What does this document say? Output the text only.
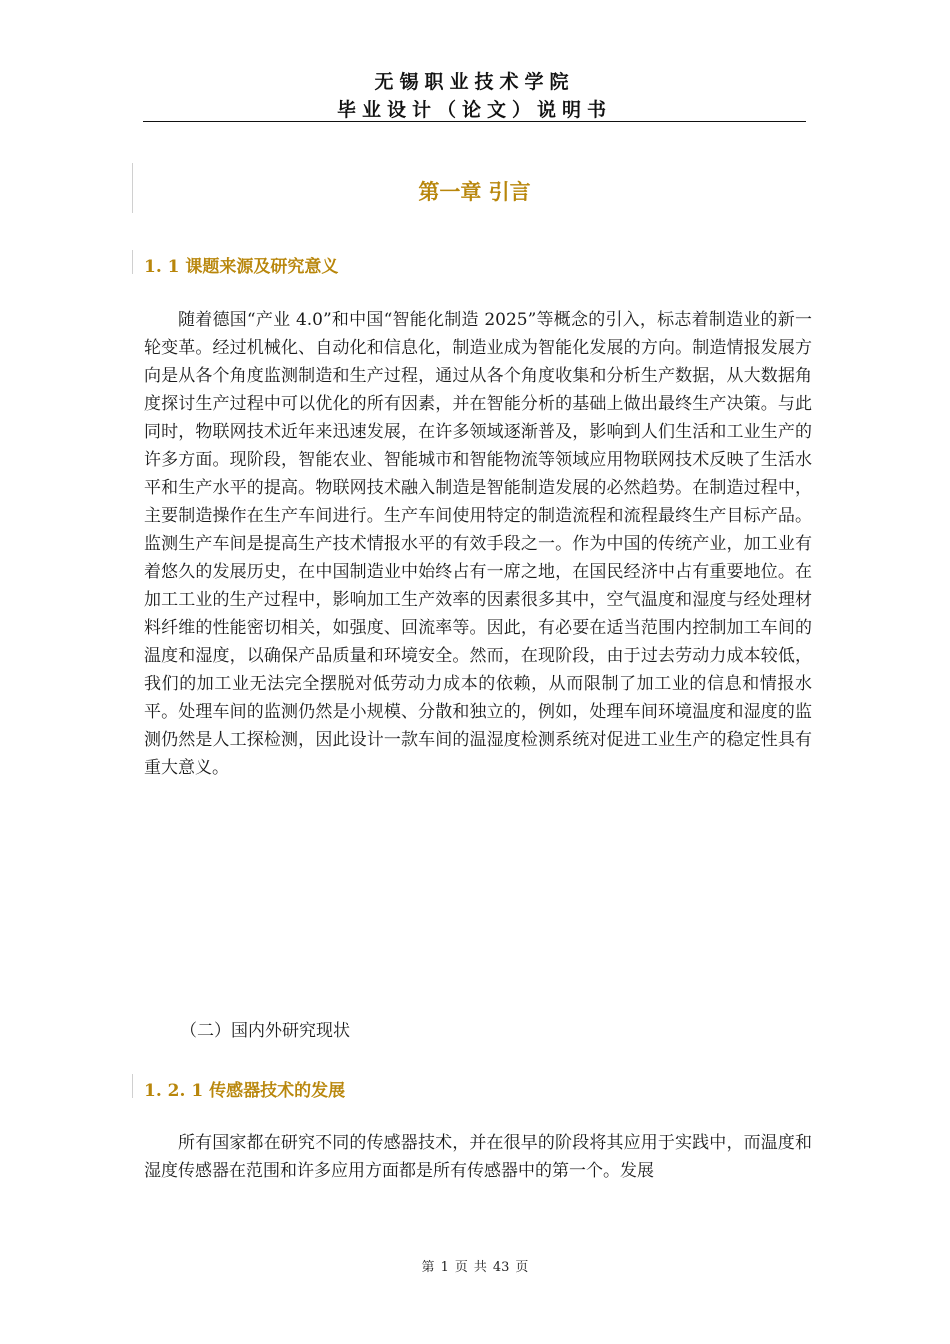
无锡职业技术学院
毕业设计（论文）说明书
第一章 引言
1. 1 课题来源及研究意义

随着德国“产业 4.0”和中国“智能化制造 2025”等概念的引入，标志着制造业的新一轮变革。经过机械化、自动化和信息化，制造业成为智能化发展的方向。制造情报发展方向是从各个角度监测制造和生产过程，通过从各个角度收集和分析生产数据，从大数据角度探讨生产过程中可以优化的所有因素，并在智能分析的基础上做出最终生产决策。与此同时，物联网技术近年来迅速发展，在许多领域逐渐普及，影响到人们生活和工业生产的许多方面。现阶段，智能农业、智能城市和智能物流等领域应用物联网技术反映了生活水平和生产水平的提高。物联网技术融入制造是智能制造发展的必然趋势。在制造过程中，主要制造操作在生产车间进行。生产车间使用特定的制造流程和流程最终生产目标产品。监测生产车间是提高生产技术情报水平的有效手段之一。作为中国的传统产业，加工业有着悠久的发展历史，在中国制造业中始终占有一席之地，在国民经济中占有重要地位。在加工工业的生产过程中，影响加工生产效率的因素很多其中，空气温度和湿度与经处理材料纤维的性能密切相关，如强度、回流率等。因此，有必要在适当范围内控制加工车间的温度和湿度，以确保产品质量和环境安全。然而，在现阶段，由于过去劳动力成本较低，我们的加工业无法完全摆脱对低劳动力成本的依赖，从而限制了加工业的信息和情报水平。处理车间的监测仍然是小规模、分散和独立的，例如，处理车间环境温度和湿度的监测仍然是人工探检测，因此设计一款车间的温湿度检测系统对促进工业生产的稳定性具有重大意义。

（二）国内外研究现状
1. 2. 1 传感器技术的发展

所有国家都在研究不同的传感器技术，并在很早的阶段将其应用于实践中，而温度和湿度传感器在范围和许多应用方面都是所有传感器中的第一个。发展

第 1 页 共 43 页
